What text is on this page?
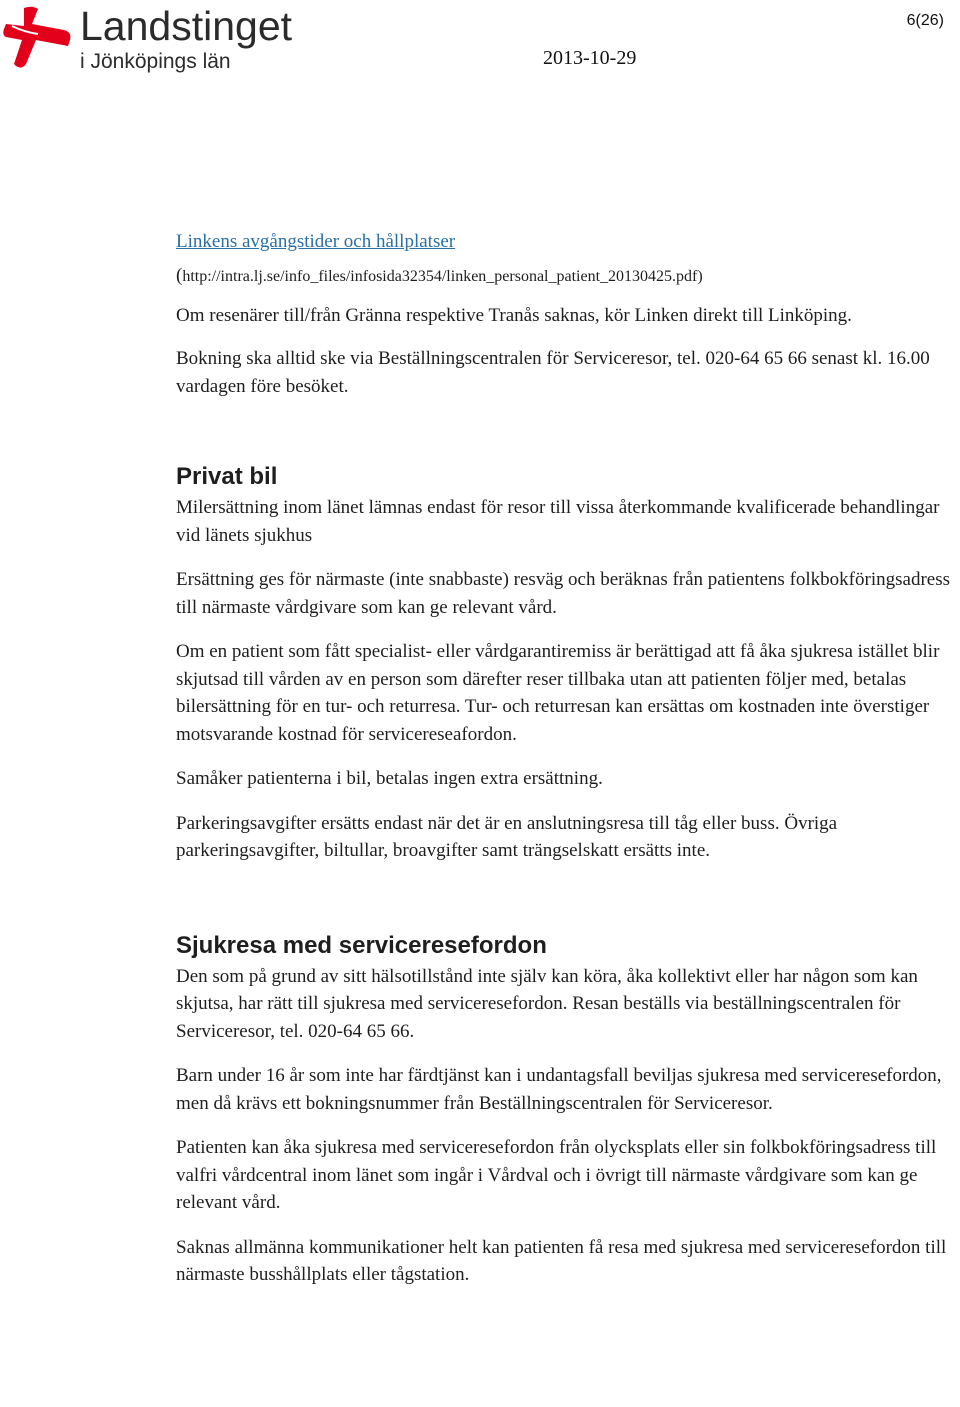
Landstinget
i Jönköpings län
6(26)
2013-10-29

Linkens avgångstider och hållplatser

(http://intra.lj.se/info_files/infosida32354/linken_personal_patient_20130425.pdf)

Om resenärer till/från Gränna respektive Tranås saknas, kör Linken direkt till Linköping.

Bokning ska alltid ske via Beställningscentralen för Serviceresor, tel. 020-64 65 66 senast kl. 16.00 vardagen före besöket.

Privat bil

Milersättning inom länet lämnas endast för resor till vissa återkommande kvalificerade behandlingar vid länets sjukhus

Ersättning ges för närmaste (inte snabbaste) resväg och beräknas från patientens folkbokföringsadress till närmaste vårdgivare som kan ge relevant vård.

Om en patient som fått specialist- eller vårdgarantiremiss är berättigad att få åka sjukresa istället blir skjutsad till vården av en person som därefter reser tillbaka utan att patienten följer med, betalas bilersättning för en tur- och returresa. Tur- och returresan kan ersättas om kostnaden inte överstiger motsvarande kostnad för servicereseafordon.

Samåker patienterna i bil, betalas ingen extra ersättning.

Parkeringsavgifter ersätts endast när det är en anslutningsresa till tåg eller buss. Övriga parkeringsavgifter, biltullar, broavgifter samt trängselskatt ersätts inte.

Sjukresa med serviceresefordon

Den som på grund av sitt hälsotillstånd inte själv kan köra, åka kollektivt eller har någon som kan skjutsa, har rätt till sjukresa med serviceresefordon. Resan beställs via beställningscentralen för Serviceresor, tel. 020-64 65 66.

Barn under 16 år som inte har färdtjänst kan i undantagsfall beviljas sjukresa med serviceresefordon, men då krävs ett bokningsnummer från Beställningscentralen för Serviceresor.

Patienten kan åka sjukresa med serviceresefordon från olycksplats eller sin folkbokföringsadress till valfri vårdcentral inom länet som ingår i Vårdval och i övrigt till närmaste vårdgivare som kan ge relevant vård.

Saknas allmänna kommunikationer helt kan patienten få resa med sjukresa med serviceresefordon till närmaste busshållplats eller tågstation.
